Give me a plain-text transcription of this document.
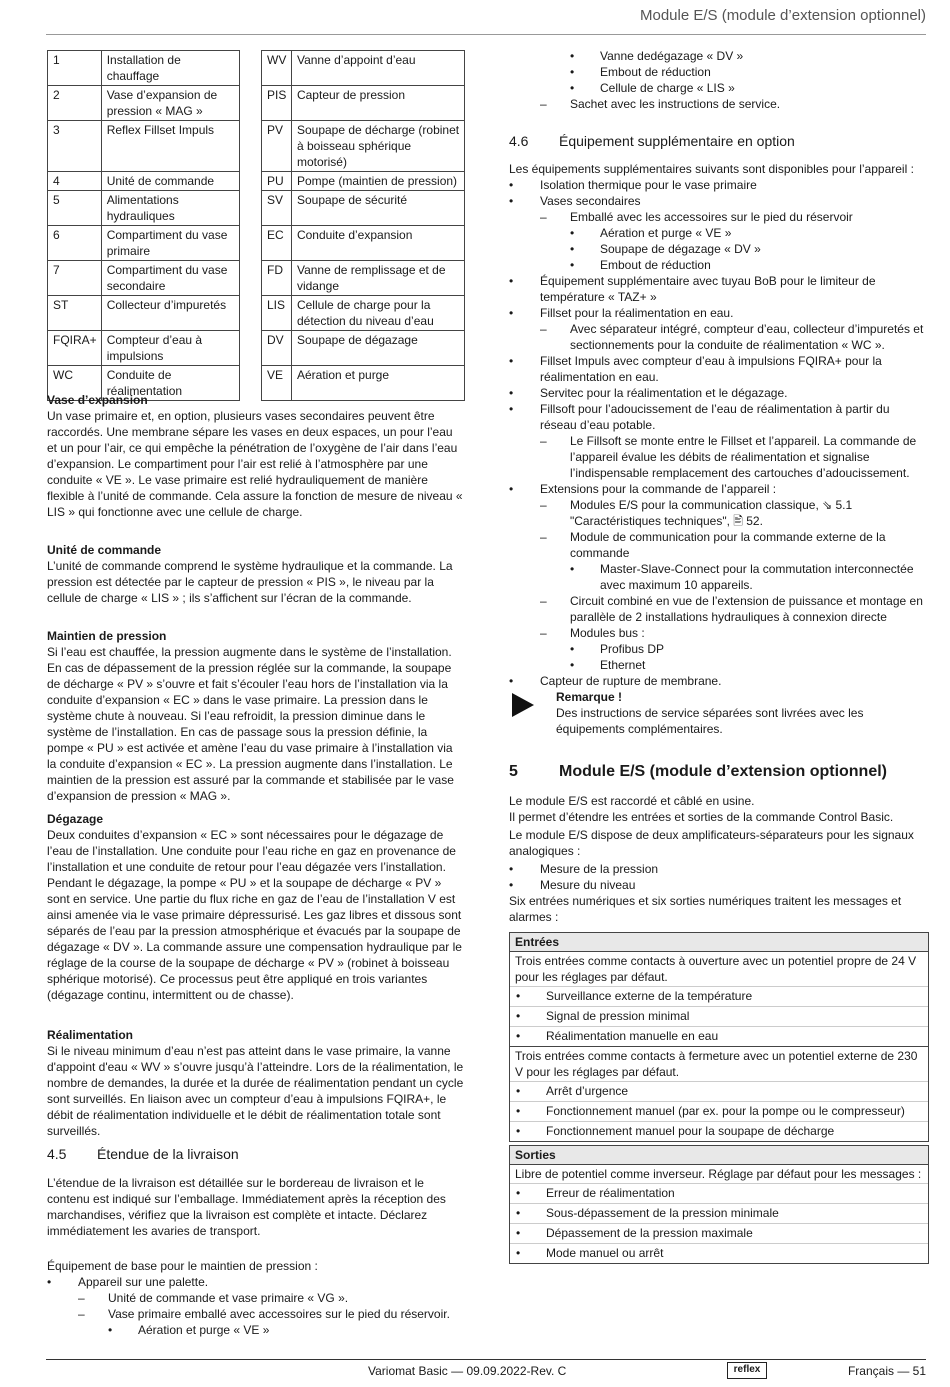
Module E/S (module d’extension optionnel)
1	Installation de chauffage
2	Vase d’expansion de pression « MAG »
3	Reflex Fillset Impuls
4	Unité de commande
5	Alimentations hydrauliques
6	Compartiment du vase primaire
7	Compartiment du vase secondaire
ST	Collecteur d’impuretés
FQIRA+	Compteur d’eau à impulsions
WC	Conduite de réalimentation
WV	Vanne d’appoint d’eau
PIS	Capteur de pression
PV	Soupape de décharge (robinet à boisseau sphérique motorisé)
PU	Pompe (maintien de pression)
SV	Soupape de sécurité
EC	Conduite d’expansion
FD	Vanne de remplissage et de vidange
LIS	Cellule de charge pour la détection du niveau d’eau
DV	Soupape de dégazage
VE	Aération et purge
Vase d’expansion

Un vase primaire et, en option, plusieurs vases secondaires peuvent être raccordés. Une membrane sépare les vases en deux espaces, un pour l’eau et un pour l’air, ce qui empêche la pénétration de l’oxygène de l’air dans l’eau d’expansion. Le compartiment pour l’air est relié à l’atmosphère par une conduite « VE ». Le vase primaire est relié hydrauliquement de manière flexible à l’unité de commande. Cela assure la fonction de mesure de niveau « LIS » qui fonctionne avec une cellule de charge.

Unité de commande

L’unité de commande comprend le système hydraulique et la commande. La pression est détectée par le capteur de pression « PIS », le niveau par la cellule de charge « LIS » ; ils s’affichent sur l’écran de la commande.

Maintien de pression

Si l’eau est chauffée, la pression augmente dans le système de l’installation. En cas de dépassement de la pression réglée sur la commande, la soupape de décharge « PV » s’ouvre et fait s’écouler l’eau hors de l’installation via la conduite d’expansion « EC » dans le vase primaire. La pression dans le système chute à nouveau. Si l’eau refroidit, la pression diminue dans le système de l’installation. En cas de passage sous la pression définie, la pompe « PU » est activée et amène l’eau du vase primaire à l’installation via la conduite d’expansion « EC ». La pression augmente dans l’installation. Le maintien de la pression est assuré par la commande et stabilisée par le vase d’expansion de pression « MAG ».

Dégazage

Deux conduites d’expansion « EC » sont nécessaires pour le dégazage de l’eau de l’installation. Une conduite pour l’eau riche en gaz en provenance de l’installation et une conduite de retour pour l’eau dégazée vers l’installation. Pendant le dégazage, la pompe « PU » et la soupape de décharge « PV » sont en service. Une partie du flux riche en gaz de l’eau de l’installation V est ainsi amenée via le vase primaire dépressurisé. Les gaz libres et dissous sont séparés de l’eau par la pression atmosphérique et évacués par la soupape de dégazage « DV ». La commande assure une compensation hydraulique par le réglage de la course de la soupape de décharge « PV » (robinet à boisseau sphérique motorisé). Ce processus peut être appliqué en trois variantes (dégazage continu, intermittent ou de chasse).

Réalimentation

Si le niveau minimum d’eau n’est pas atteint dans le vase primaire, la vanne d'appoint d'eau « WV » s’ouvre jusqu’à l’atteindre. Lors de la réalimentation, le nombre de demandes, la durée et la durée de réalimentation pendant un cycle sont surveillés. En liaison avec un compteur d’eau à impulsions FQIRA+, le débit de réalimentation individuelle et le débit de réalimentation totale sont surveillés.

4.5 Étendue de la livraison

L’étendue de la livraison est détaillée sur le bordereau de livraison et le contenu est indiqué sur l’emballage. Immédiatement après la réception des marchandises, vérifiez que la livraison est complète et intacte. Déclarez immédiatement les avaries de transport.

Équipement de base pour le maintien de pression :

• Appareil sur une palette.
– Unité de commande et vase primaire « VG ».
– Vase primaire emballé avec accessoires sur le pied du réservoir.
• Aération et purge « VE »
• Vanne dedégazage « DV »
• Embout de réduction
• Cellule de charge « LIS »
– Sachet avec les instructions de service.
4.6 Équipement supplémentaire en option

Les équipements supplémentaires suivants sont disponibles pour l’appareil :

• Isolation thermique pour le vase primaire
• Vases secondaires
– Emballé avec les accessoires sur le pied du réservoir
• Aération et purge « VE »
• Soupape de dégazage « DV »
• Embout de réduction
• Équipement supplémentaire avec tuyau BoB pour le limiteur de température « TAZ+ »
• Fillset pour la réalimentation en eau.
– Avec séparateur intégré, compteur d’eau, collecteur d’impuretés et sectionnements pour la conduite de réalimentation « WC ».
• Fillset Impuls avec compteur d’eau à impulsions FQIRA+ pour la réalimentation en eau.
• Servitec pour la réalimentation et le dégazage.
• Fillsoft pour l’adoucissement de l’eau de réalimentation à partir du réseau d’eau potable.
– Le Fillsoft se monte entre le Fillset et l’appareil. La commande de l’appareil évalue les débits de réalimentation et signalise l’indispensable remplacement des cartouches d’adoucissement.
• Extensions pour la commande de l’appareil :
– Modules E/S pour la communication classique, ⇘ 5.1 "Caractéristiques techniques", 🖹 52.
– Module de communication pour la commande externe de la commande
• Master-Slave-Connect pour la commutation interconnectée avec maximum 10 appareils.
– Circuit combiné en vue de l’extension de puissance et montage en parallèle de 2 installations hydrauliques à connexion directe
– Modules bus :
• Profibus DP
• Ethernet
• Capteur de rupture de membrane.
Remarque !
Des instructions de service séparées sont livrées avec les équipements complémentaires.
5	Module E/S (module d’extension optionnel)

Le module E/S est raccordé et câblé en usine.

Il permet d’étendre les entrées et sorties de la commande Control Basic.

Le module E/S dispose de deux amplificateurs-séparateurs pour les signaux analogiques :

• Mesure de la pression
• Mesure du niveau

Six entrées numériques et six sorties numériques traitent les messages et alarmes :

Entrées
Trois entrées comme contacts à ouverture avec un potentiel propre de 24 V pour les réglages par défaut.
• Surveillance externe de la température
• Signal de pression minimal
• Réalimentation manuelle en eau
Trois entrées comme contacts à fermeture avec un potentiel externe de 230 V pour les réglages par défaut.
• Arrêt d’urgence
• Fonctionnement manuel (par ex. pour la pompe ou le compresseur)
• Fonctionnement manuel pour la soupape de décharge
Sorties
Libre de potentiel comme inverseur. Réglage par défaut pour les messages :
• Erreur de réalimentation
• Sous-dépassement de la pression minimale
• Dépassement de la pression maximale
• Mode manuel ou arrêt
Variomat Basic — 09.09.2022-Rev. C	reflex	Français — 51
